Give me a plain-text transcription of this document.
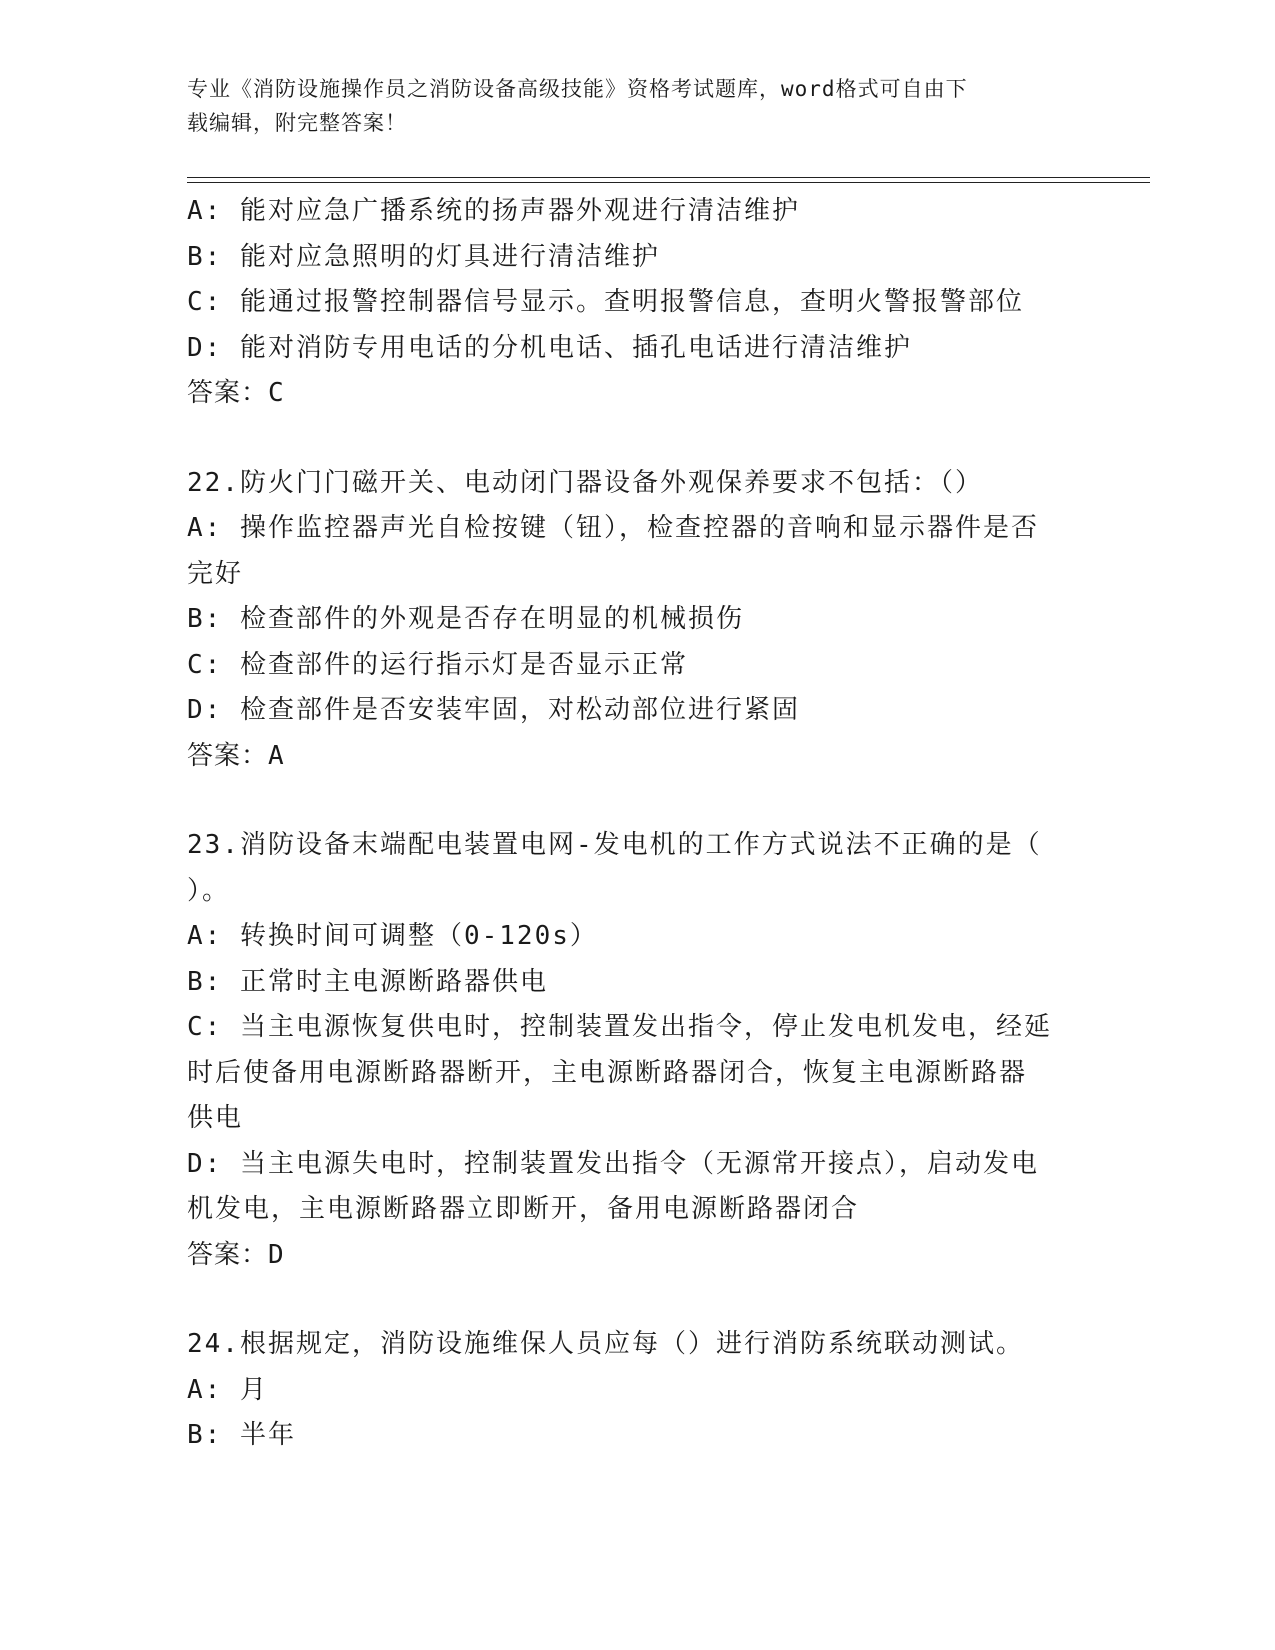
专业《消防设施操作员之消防设备高级技能》资格考试题库，word格式可自由下
载编辑，附完整答案！
A: 能对应急广播系统的扬声器外观进行清洁维护
B: 能对应急照明的灯具进行清洁维护
C: 能通过报警控制器信号显示。查明报警信息，查明火警报警部位
D: 能对消防专用电话的分机电话、插孔电话进行清洁维护
答案：C
22.防火门门磁开关、电动闭门器设备外观保养要求不包括：（）
A: 操作监控器声光自检按键（钮），检查控器的音响和显示器件是否
完好
B: 检查部件的外观是否存在明显的机械损伤
C: 检查部件的运行指示灯是否显示正常
D: 检查部件是否安装牢固，对松动部位进行紧固
答案：A
23.消防设备末端配电装置电网-发电机的工作方式说法不正确的是（
）。
A: 转换时间可调整（0-120s）
B: 正常时主电源断路器供电
C: 当主电源恢复供电时，控制装置发出指令，停止发电机发电，经延
时后使备用电源断路器断开，主电源断路器闭合，恢复主电源断路器
供电
D: 当主电源失电时，控制装置发出指令（无源常开接点），启动发电
机发电，主电源断路器立即断开，备用电源断路器闭合
答案：D
24.根据规定，消防设施维保人员应每（）进行消防系统联动测试。
A: 月
B: 半年
